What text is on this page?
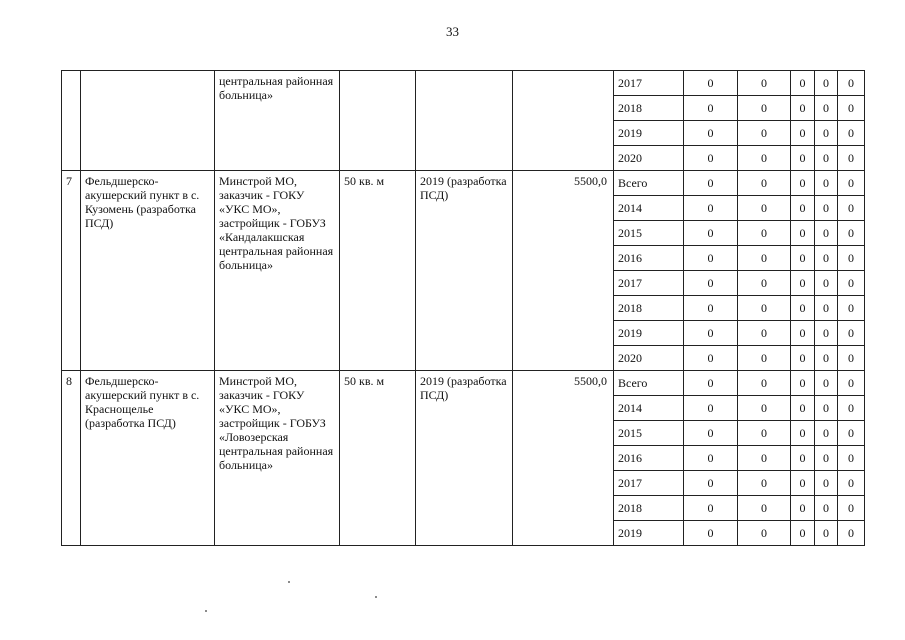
33
		центральная районная больница»				2017	0	0	0	0	0
						2018	0	0	0	0	0
						2019	0	0	0	0	0
						2020	0	0	0	0	0
7	Фельдшерско-акушерский пункт в с. Кузомень (разработка ПСД)	Минстрой МО, заказчик - ГОКУ «УКС МО», застройщик - ГОБУЗ «Кандалакшская центральная районная больница»	50 кв. м	2019 (разработка ПСД)	5500,0	Всего	0	0	0	0	0
						2014	0	0	0	0	0
						2015	0	0	0	0	0
						2016	0	0	0	0	0
						2017	0	0	0	0	0
						2018	0	0	0	0	0
						2019	0	0	0	0	0
						2020	0	0	0	0	0
8	Фельдшерско-акушерский пункт в с. Краснощелье (разработка ПСД)	Минстрой МО, заказчик - ГОКУ «УКС МО», застройщик - ГОБУЗ «Ловозерская центральная районная больница»	50 кв. м	2019 (разработка ПСД)	5500,0	Всего	0	0	0	0	0
						2014	0	0	0	0	0
						2015	0	0	0	0	0
						2016	0	0	0	0	0
						2017	0	0	0	0	0
						2018	0	0	0	0	0
						2019	0	0	0	0	0
